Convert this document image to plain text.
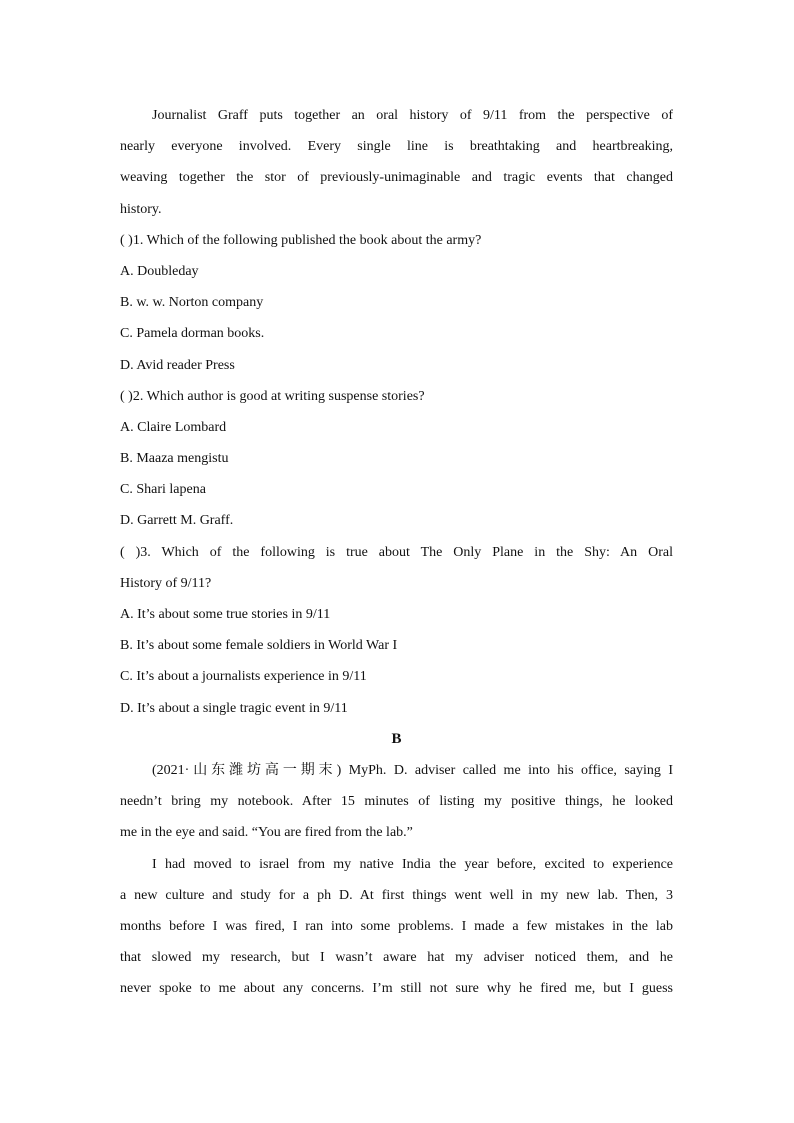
Journalist Graff puts together an oral history of 9/11 from the perspective of
nearly everyone involved. Every single line is breathtaking and heartbreaking,
weaving together the stor of previously-unimaginable and tragic events that changed
history.
( )1. Which of the following published the book about the army?
A. Doubleday
B. w. w. Norton company
C. Pamela dorman books.
D. Avid reader Press
( )2. Which author is good at writing suspense stories?
A. Claire Lombard
B. Maaza mengistu
C. Shari lapena
D. Garrett M. Graff.
( )3. Which of the following is true about The Only Plane in the Shy: An Oral
History of 9/11?
A. It’s about some true stories in 9/11
B. It’s about some female soldiers in World War I
C. It’s about a journalists experience in 9/11
D. It’s about a single tragic event in 9/11
B
(2021·山东潍坊高一期末) MyPh. D. adviser called me into his office, saying I
needn’t bring my notebook. After 15 minutes of listing my positive things, he looked
me in the eye and said. “You are fired from the lab.”
I had moved to israel from my native India the year before, excited to experience
a new culture and study for a ph D. At first things went well in my new lab. Then, 3
months before I was fired, I ran into some problems. I made a few mistakes in the lab
that slowed my research, but I wasn’t aware hat my adviser noticed them, and he
never spoke to me about any concerns. I’m still not sure why he fired me, but I guess
